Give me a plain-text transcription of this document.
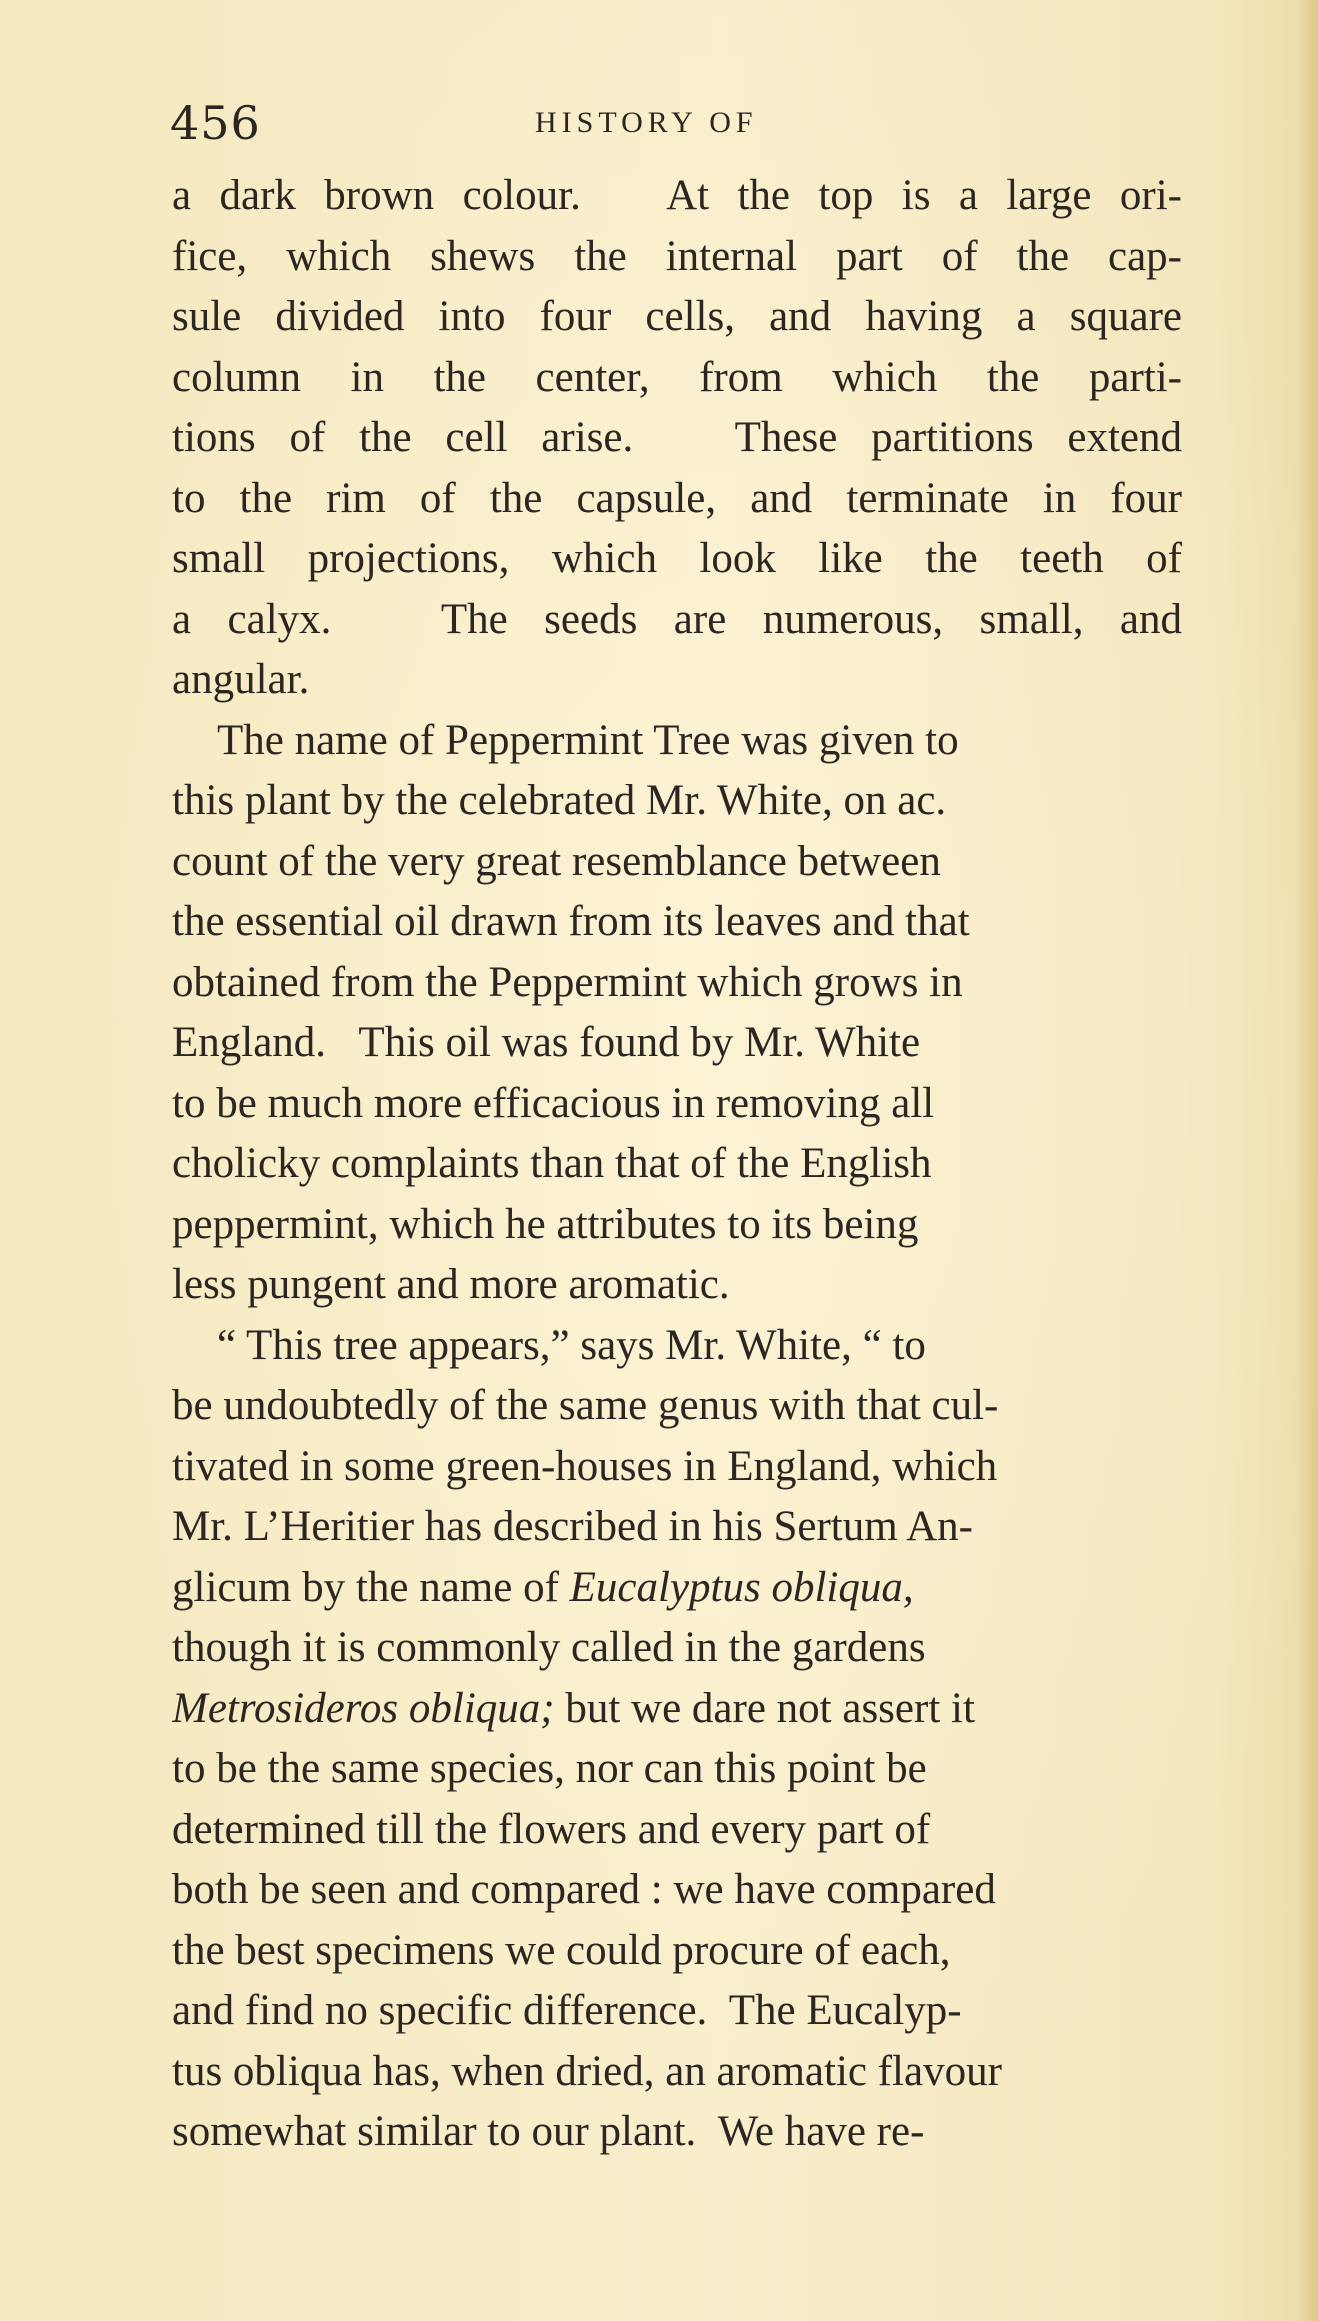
456	HISTORY OF
a dark brown colour. At the top is a large ori-
fice, which shews the internal part of the cap-
sule divided into four cells, and having a square
column in the center, from which the parti-
tions of the cell arise. These partitions extend
to the rim of the capsule, and terminate in four
small projections, which look like the teeth of
a calyx.	The seeds are numerous, small, and
angular.
The name of Peppermint Tree was given to
this plant by the celebrated Mr. White, on ac.
count of the very great resemblance between
the essential oil drawn from its leaves and that
obtained from the Peppermint which grows in
England. This oil was found by Mr. White
to be much more efficacious in removing all
cholicky complaints than that of the English
peppermint, which he attributes to its being
less pungent and more aromatic.
“ This tree appears,” says Mr. White, “ to
be undoubtedly of the same genus with that cul-
tivated in some green-houses in England, which
Mr. L’Heritier has described in his Sertum An-
glicum by the name of Eucalyptus obliqua,
though it is commonly called in the gardens
Metrosideros obliqua; but we dare not assert it
to be the same species, nor can this point be
determined till the flowers and every part of
both be seen and compared : we have compared
the best specimens we could procure of each,
and find no specific difference. The Eucalyp-
tus obliqua has, when dried, an aromatic flavour
somewhat similar to our plant. We have re-
